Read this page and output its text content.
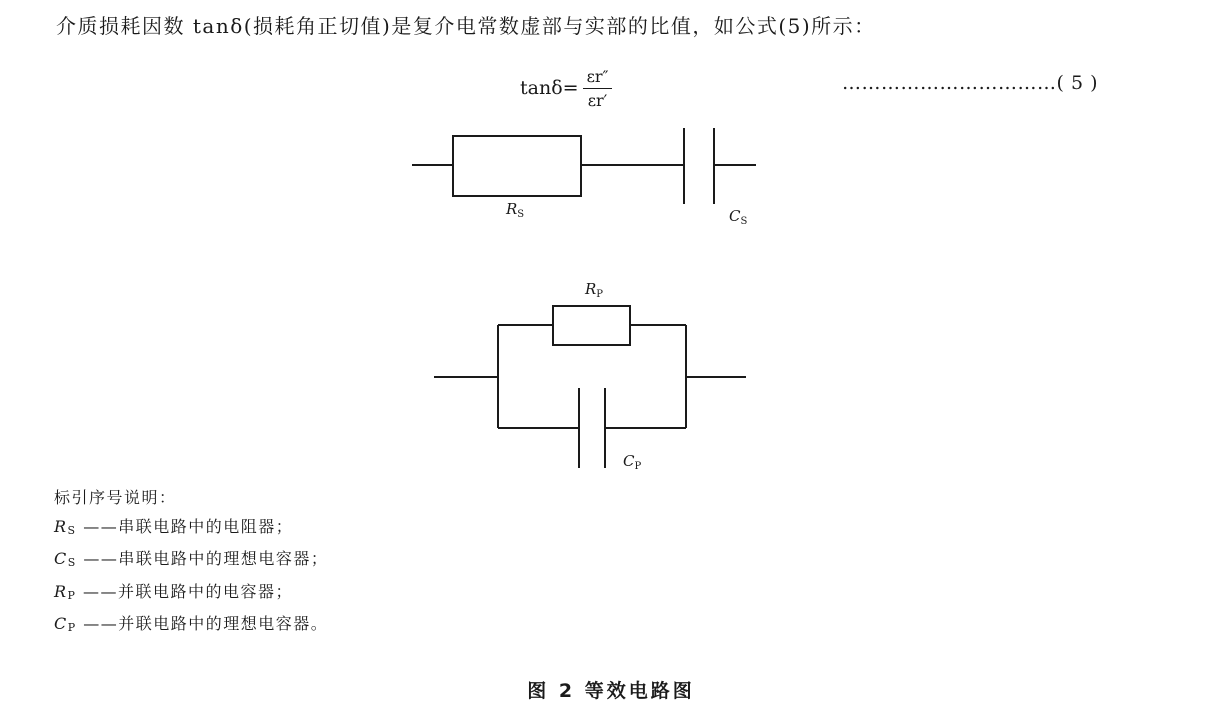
介质损耗因数 tanδ(损耗角正切值)是复介电常数虚部与实部的比值，如公式(5)所示：
$\tan\delta= \frac{\varepsilon r''}{\varepsilon r'}$	……………………………( 5 )
$R_S$	$C_S$
$R_P$
$C_P$
标引序号说明：
RS ——串联电路中的电阻器；
CS ——串联电路中的理想电容器；
RP ——并联电路中的电容器；
CP ——并联电路中的理想电容器。
图 2 等效电路图
